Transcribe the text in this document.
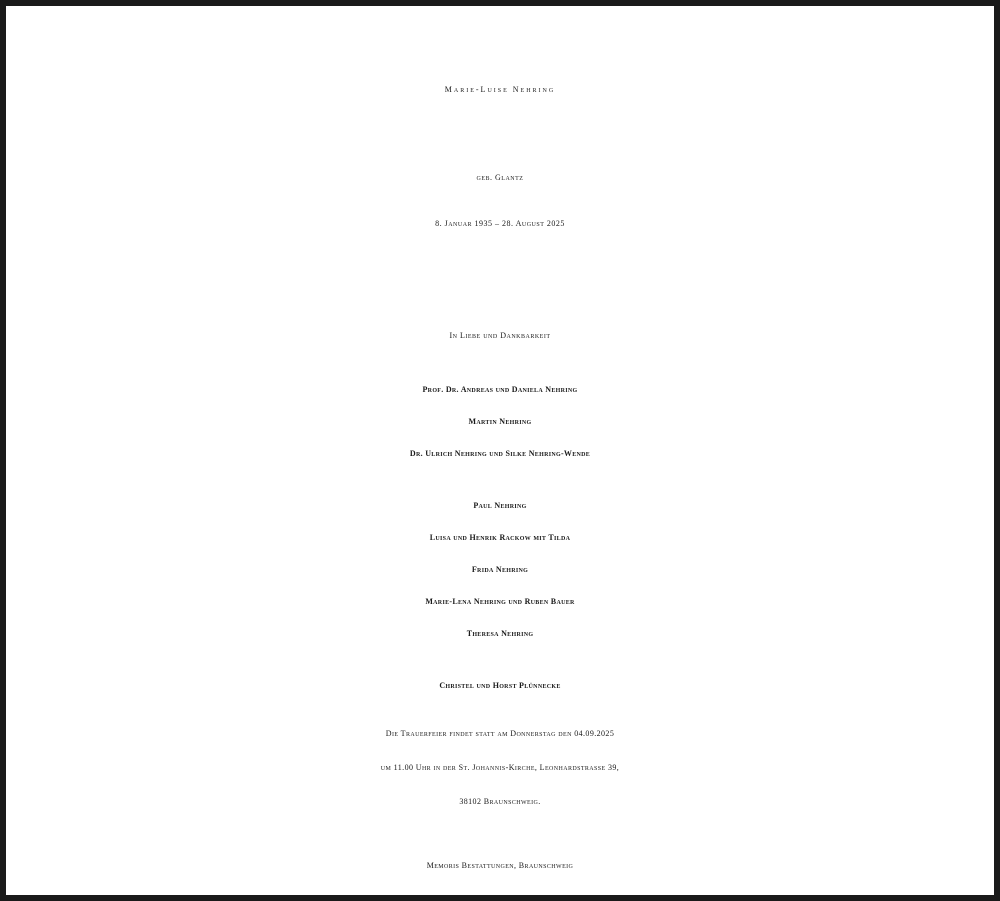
Marie-Luise Nehring
geb. Glantz
8. Januar 1935 – 28. August 2025
In Liebe und Dankbarkeit
Prof. Dr. Andreas und Daniela Nehring
Martin Nehring
Dr. Ulrich Nehring und Silke Nehring-Wende
Paul Nehring
Luisa und Henrik Rackow mit Tilda
Frida Nehring
Marie-Lena Nehring und Ruben Bauer
Theresa Nehring
Christel und Horst Plünnecke
Die Trauerfeier findet statt am Donnerstag den 04.09.2025
um 11.00 Uhr in der St. Johannis-Kirche, Leonhardstrasse 39,
38102 Braunschweig.
Memoris Bestattungen, Braunschweig
